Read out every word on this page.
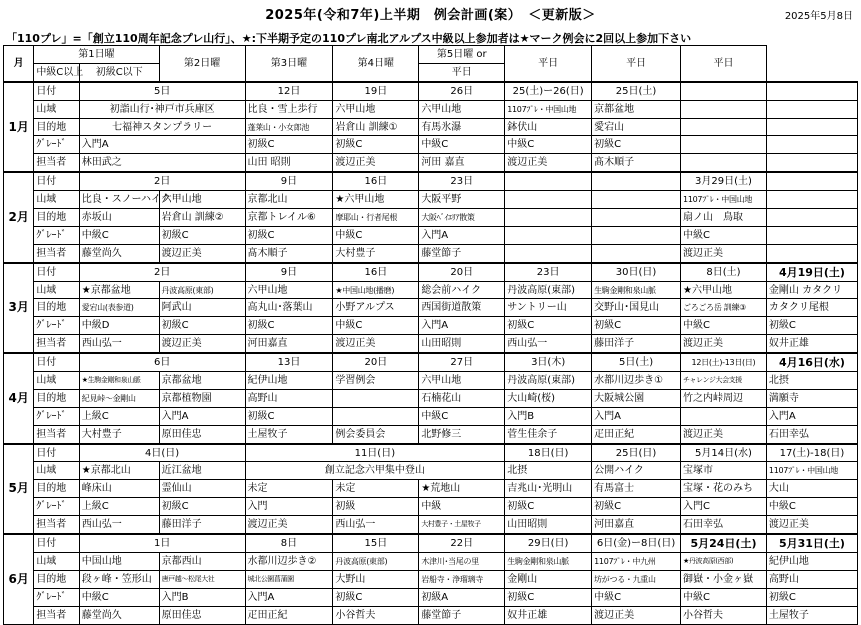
2025年(令和7年)上半期　例会計画(案）　＜更新版＞	2025年5月8日
「110プレ」=「創立110周年記念プレ山行」、★:下半期予定の110プレ南北アルプス中級以上参加者は★マーク例会に2回以上参加下さい
月	第1日曜		第2日曜	第3日曜	第4日曜	第5日曜 or	平日	平日	平日	
	中級C以上	初級C以下				平日				
1月	日付	5日		12日	19日	26日	25(土)ー26(日)	25日(土)		
	山域	初詣山行･神戸市兵庫区		比良・雪上歩行	六甲山地	六甲山地	1107ﾌﾟﾚ・中国山地	京都盆地		
	目的地	七福神スタンプラリー		蓬莱山・小女郎池	岩倉山 訓練①	有馬氷瀑	鉢伏山	愛宕山		
	ｸﾞﾚｰﾄﾞ	入門A		初級C	初級C	中級C	中級C	初級C		
	担当者	林田武之		山田 昭則	渡辺正美	河田 嘉直	渡辺正美	髙木順子		
2月	日付	2日		9日	16日	23日			3月29日(土)	
	山域	比良・スノーハイク	六甲山地	京都北山	★六甲山地	大阪平野			1107ﾌﾟﾚ・中国山地	
	目的地	赤坂山	岩倉山 訓練②	京都トレイル⑥	摩耶山・行者尾根	大阪ﾍﾞｲｴﾘｱ散策			扇ノ山　鳥取	
	ｸﾞﾚｰﾄﾞ	中級C	初級C	初級C	中級C	入門A			中級C	
	担当者	藤堂尚久	渡辺正美	髙木順子	大村豊子	藤堂節子			渡辺正美	
3月	日付	2日		9日	16日	20日	23日	30日(日)	8日(土)	4月19日(土)
	山域	★京都盆地	丹波高原(東部)	六甲山地	★中国山地(播磨)	総会前ハイク	丹波高原(東部)	生駒金剛和泉山脈	★六甲山地	金剛山 カタクリ
	目的地	愛宕山(表参道)	阿武山	高丸山･落葉山	小野アルプス	西国街道散策	サントリー山	交野山･国見山	ごろごろ岳 訓練③	カタクリ尾根
	ｸﾞﾚｰﾄﾞ	中級D	初級C	初級C	中級C	入門A	初級C	初級C	中級C	初級C
	担当者	西山弘一	渡辺正美	河田嘉直	渡辺正美	山田昭則	西山弘一	藤田洋子	渡辺正美	奴井正雄
4月	日付	6日		13日	20日	27日	3日(木)	5日(土)	12日(土)-13日(日)	4月16日(水)
	山域	★生駒金剛和泉山脈	京都盆地	紀伊山地	学習例会	六甲山地	丹波高原(東部)	水都川辺歩き①	チャレンジ大会支援	北摂
	目的地	紀見峠～金剛山	京都植物園	高野山		石楠花山	大山崎(桜)	大阪城公園	竹之内峠周辺	満願寺
	ｸﾞﾚｰﾄﾞ	上級C	入門A	初級C		中級C	入門B	入門A		入門A
	担当者	大村豊子	原田佳忠	土屋牧子	例会委員会	北野修三	菅生佳余子	疋田正紀	渡辺正美	石田幸弘
5月	日付	4日(日)		11日(日)			18日(日)	25日(日)	5月14日(水)	17(土)-18(日)
	山域	★京都北山	近江盆地	創立記念六甲集中登山			北摂	公開ハイク	宝塚市	1107ﾌﾟﾚ・中国山地
	目的地	峰床山	霊仙山	未定	未定	★荒地山	吉兆山･光明山	有馬富士	宝塚・花のみち	大山
	ｸﾞﾚｰﾄﾞ	上級C	初級C	入門	初級	中級	初級C	初級C	入門C	中級C
	担当者	西山弘一	藤田洋子	渡辺正美	西山弘一	大村豊子・土屋牧子	山田昭則	河田嘉直	石田幸弘	渡辺正美
6月	日付	1日		8日	15日	22日	29日(日)	6日(金)ー8日(日)	5月24日(土)	5月31日(土)
	山域	中国山地	京都西山	水都川辺歩き②	丹波高原(東部)	木津川･当尾の里	生駒金剛和泉山脈	1107ﾌﾟﾚ・中九州	★丹波高原(西部)	紀伊山地
	目的地	段ヶ峰・笠形山	唐戸越～松尾大社	城北公園菖蒲園	大野山	岩船寺・浄瑠璃寺	金剛山	坊がつる・九重山	御嶽・小金ヶ嶽	高野山
	ｸﾞﾚｰﾄﾞ	中級C	入門B	入門A	初級C	初級A	初級C	中級C	中級C	初級C
	担当者	藤堂尚久	原田佳忠	疋田正紀	小谷哲夫	藤堂節子	奴井正雄	渡辺正美	小谷哲夫	土屋牧子
